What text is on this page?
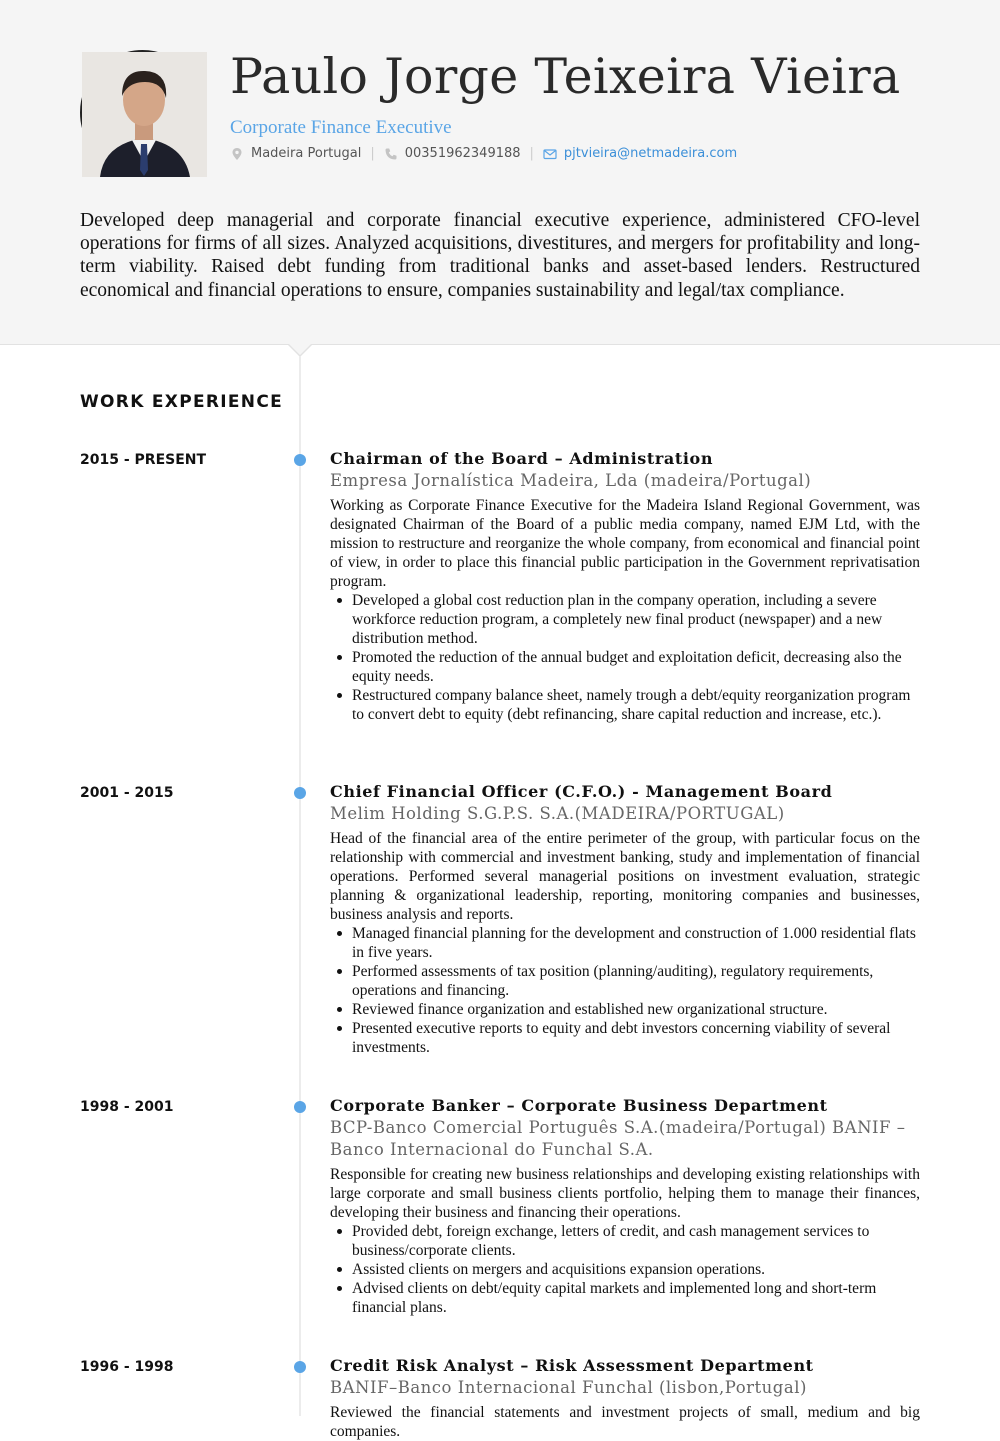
Paulo Jorge Teixeira Vieira
Corporate Finance Executive
Madeira Portugal | 00351962349188 | pjtvieira@netmadeira.com

Developed deep managerial and corporate financial executive experience, administered CFO-level operations for firms of all sizes. Analyzed acquisitions, divestitures, and mergers for profitability and long-term viability. Raised debt funding from traditional banks and asset-based lenders. Restructured economical and financial operations to ensure, companies sustainability and legal/tax compliance.

WORK EXPERIENCE
2015 - PRESENT	Chairman of the Board – Administration
Empresa Jornalística Madeira, Lda (madeira/Portugal)

Working as Corporate Finance Executive for the Madeira Island Regional Government, was designated Chairman of the Board of a public media company, named EJM Ltd, with the mission to restructure and reorganize the whole company, from economical and financial point of view, in order to place this financial public participation in the Government reprivatisation program.

Developed a global cost reduction plan in the company operation, including a severe workforce reduction program, a completely new final product (newspaper) and a new distribution method.
Promoted the reduction of the annual budget and exploitation deficit, decreasing also the equity needs.
Restructured company balance sheet, namely trough a debt/equity reorganization program to convert debt to equity (debt refinancing, share capital reduction and increase, etc.).
2001 - 2015	Chief Financial Officer (C.F.O.) - Management Board
Melim Holding S.G.P.S. S.A.(MADEIRA/PORTUGAL)

Head of the financial area of the entire perimeter of the group, with particular focus on the relationship with commercial and investment banking, study and implementation of financial operations. Performed several managerial positions on investment evaluation, strategic planning & organizational leadership, reporting, monitoring companies and businesses, business analysis and reports.

Managed financial planning for the development and construction of 1.000 residential flats in five years.
Performed assessments of tax position (planning/auditing), regulatory requirements, operations and financing.
Reviewed finance organization and established new organizational structure.
Presented executive reports to equity and debt investors concerning viability of several investments.
1998 - 2001	Corporate Banker – Corporate Business Department
BCP-Banco Comercial Português S.A.(madeira/Portugal) BANIF – Banco Internacional do Funchal S.A.

Responsible for creating new business relationships and developing existing relationships with large corporate and small business clients portfolio, helping them to manage their finances, developing their business and financing their operations.

Provided debt, foreign exchange, letters of credit, and cash management services to business/corporate clients.
Assisted clients on mergers and acquisitions expansion operations.
Advised clients on debt/equity capital markets and implemented long and short-term financial plans.
1996 - 1998	Credit Risk Analyst – Risk Assessment Department
BANIF–Banco Internacional Funchal (lisbon,Portugal)

Reviewed the financial statements and investment projects of small, medium and big companies.
